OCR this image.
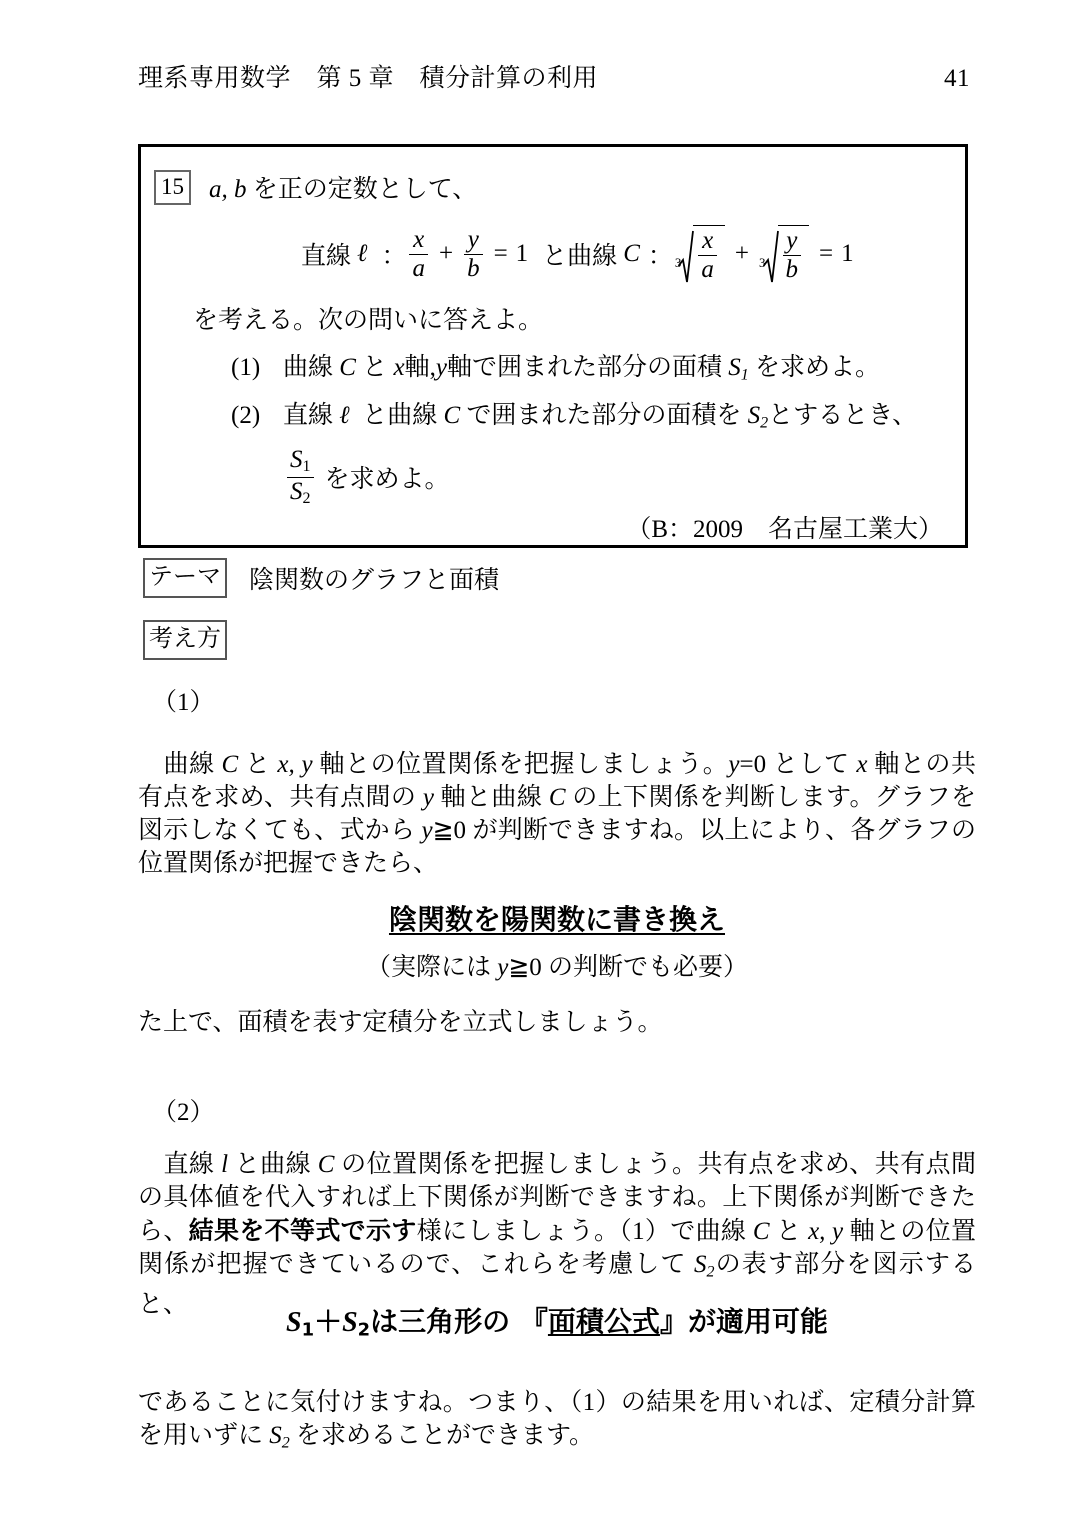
理系専用数学　第 5 章　積分計算の利用	41
15 a, b を正の定数として、
直線 ℓ ： $\frac{x}{a} + \frac{y}{b} = 1$ と曲線 C ： $3 \frac{x}{a} + 3 \frac{y}{b} = 1$
を考える。次の問いに答えよ。
(1) 曲線 C と x軸,y軸で囲まれた部分の面積 $S_1$ を求めよ。
(2) 直線 ℓ と曲線 C で囲まれた部分の面積を $S_2$とするとき、
$\frac{S1}{S2}$ を求めよ。
（B：2009　名古屋工業大）
テーマ 陰関数のグラフと面積
考え方
（1）
曲線 C と x, y 軸との位置関係を把握しましょう。y=0 として x 軸との共有点を求め、共有点間の y 軸と曲線 C の上下関係を判断します。グラフを図示しなくても、式から y≧0 が判断できますね。以上により、各グラフの位置関係が把握できたら、
陰関数を陽関数に書き換え
（実際には y≧0 の判断でも必要）
た上で、面積を表す定積分を立式しましょう。
（2）
直線 l と曲線 C の位置関係を把握しましょう。共有点を求め、共有点間の具体値を代入すれば上下関係が判断できますね。上下関係が判断できたら、結果を不等式で示す様にしましょう。（1）で曲線 C と x, y 軸との位置関係が把握できているので、これらを考慮して $S_2$の表す部分を図示すると、
S1＋S2は三角形の 『面積公式』が適用可能
であることに気付けますね。つまり、（1）の結果を用いれば、定積分計算を用いずに $S_2$ を求めることができます。
